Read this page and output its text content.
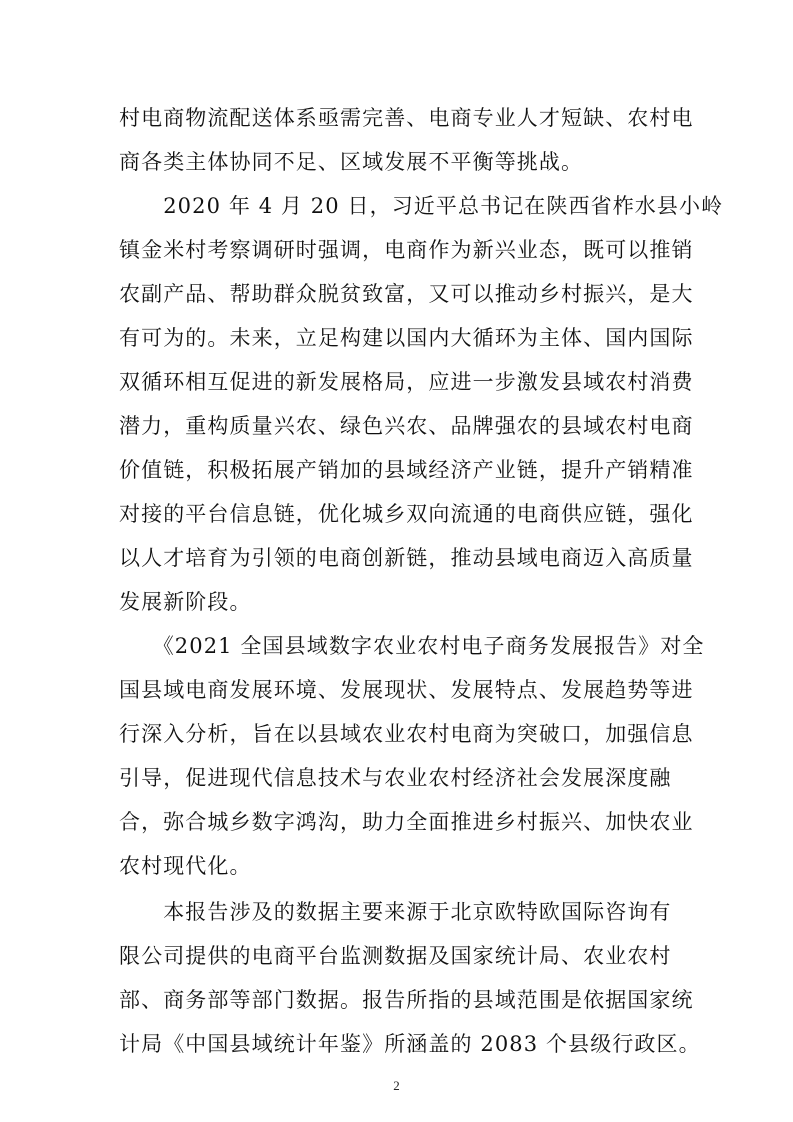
村电商物流配送体系亟需完善、电商专业人才短缺、农村电
商各类主体协同不足、区域发展不平衡等挑战。
　　2020 年 4 月 20 日，习近平总书记在陕西省柞水县小岭
镇金米村考察调研时强调，电商作为新兴业态，既可以推销
农副产品、帮助群众脱贫致富，又可以推动乡村振兴，是大
有可为的。未来，立足构建以国内大循环为主体、国内国际
双循环相互促进的新发展格局，应进一步激发县域农村消费
潜力，重构质量兴农、绿色兴农、品牌强农的县域农村电商
价值链，积极拓展产销加的县域经济产业链，提升产销精准
对接的平台信息链，优化城乡双向流通的电商供应链，强化
以人才培育为引领的电商创新链，推动县域电商迈入高质量
发展新阶段。
　　《2021 全国县域数字农业农村电子商务发展报告》对全
国县域电商发展环境、发展现状、发展特点、发展趋势等进
行深入分析，旨在以县域农业农村电商为突破口，加强信息
引导，促进现代信息技术与农业农村经济社会发展深度融
合，弥合城乡数字鸿沟，助力全面推进乡村振兴、加快农业
农村现代化。
　　本报告涉及的数据主要来源于北京欧特欧国际咨询有
限公司提供的电商平台监测数据及国家统计局、农业农村
部、商务部等部门数据。报告所指的县域范围是依据国家统
计局《中国县域统计年鉴》所涵盖的 2083 个县级行政区。
2
